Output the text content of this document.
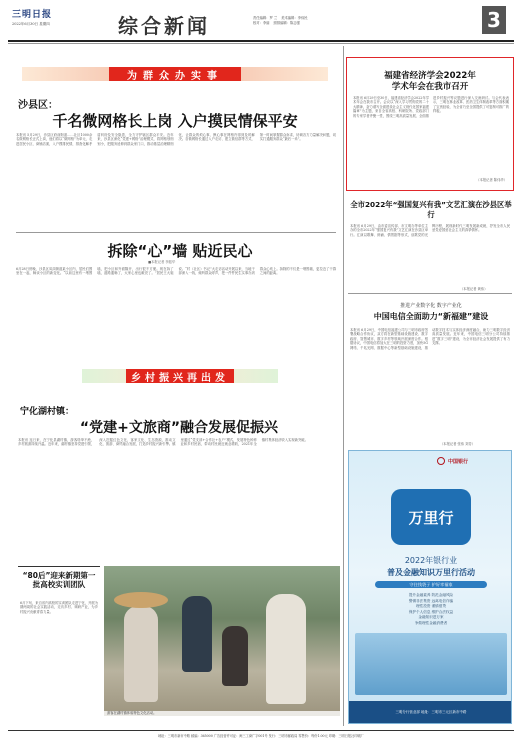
三明日报
2022年6月30日 星期四	综合新闻	责任编辑：罗 兰 美术编辑：李伟民
校对：李丽 照排编辑：陈志强	3
为群众办实事
沙县区：
千名微网格长上岗 入户摸民情保平安
本报讯 5月29日，沙县区府前街道……社区1000余名微网格长正式上岗，他们将以“微网格”为单元，走进居民小区、商铺店面，入户摸排民情，排查化解矛盾纠纷及安全隐患，全力守护辖区群众平安。近年来，沙县区深化“党建+网格”治理模式，将网格划细划小，把服务延伸到群众家门口，推动基层治理精细化，让群众的烦心事、揪心事在网格内得到及时解决。各微网格长通过入户走访、建立微信群等方式，第一时间掌握群众诉求，协调各方力量解决问题，切实打通服务群众“最后一米”。
拆除“心”墙 贴近民心
■本报记者 李振华
6月28日傍晚，沙县区凤岗街道某小区内，居民们围坐在一起，畅谈小区的新变化。“以前这里有一堵围墙，把小区和外面隔开，出行很不方便。现在拆了墙，道路通畅了，大家心里也敞亮了。”居民王大姐说。“村（社区）书记”大走访活动开展以来，当地干部深入一线，倾听群众呼声，把一件件民生实事办到群众心坎上。拆除的不仅是一堵围墙，更拉近了干群之间的距离。
乡村振兴再出发
宁化湖村镇：
“党建+文旅商”融合发展促振兴
本报讯 连日来，在宁化县湖村镇，游客络绎不绝，乡村旅游持续升温。近年来，湖村镇坚持党建引领，深入挖掘红色文化、客家文化、生态资源，推动文化、旅游、商贸融合发展，打造乡村振兴新引擎。镇里通过“党支部+合作社+农户”模式，发展特色种养业和乡村民宿，带动村民就近就业增收，2021年全镇村集体经济收入实现新突破。
“80后”迎来新期第一批高校实训团队
6月下旬，来自省内高校的实训团队走进宁化，开展为期两周的社会实践活动，走访乡村、调研产业，为乡村振兴贡献青春力量。
游客在湖村镇体验特色文化活动。
福建省经济学会2022年
学术年会在我市召开
本报讯 6月29日至30日，福建省经济学会2022年学术年会在我市召开。会议以“深入学习贯彻党的二十大精神，奋力谱写全面建设社会主义现代化国家福建篇章”为主题，来自全省高校、科研院所、党政部门的专家学者齐聚一堂，围绕三明高质量发展、全面推进乡村振兴等议题进行深入交流研讨。与会代表表示，三明在林业改革、医药卫生体制改革等方面积累了宝贵经验，为全省乃至全国提供了可复制可推广的样板。
（本报记者 陈伟华）
全市2022年“强国复兴有我”文艺汇演在沙县区举行
本报讯 6月29日，由市委宣传部、市文明办等单位主办的全市2022年“强国复兴有我”文艺汇演在沙县区举行。汇演以歌舞、朗诵、情景剧等形式，讴歌党的光辉历程，展现新时代三明发展新成就，抒发全市人民爱党爱国爱社会主义的真挚情怀。
（本报记者 黄伟）
推进产业数字化 数字产业化
中国电信全面助力“新福建”建设
本报讯 6月29日，中国电信福建公司与三明市政府签署战略合作协议，双方将在新型基础设施建设、数字政府、智慧城市、数字乡村等领域开展深度合作。根据协议，中国电信将加大在三明的投资力度，加快5G网络、千兆光网、数据中心等新型基础设施建设，推动数字技术与实体经济深度融合，助力三明数字经济高质量发展。近年来，中国电信三明分公司持续推进“数字三明”建设，为全市经济社会发展提供了有力支撑。
（本报记者 张伟 刘芳）
中国银行
万里行
2022年银行业
普及金融知识万里行活动
守住钱袋子 护好幸福家
提升金融素养 防范金融风险
警惕非法集资 远离电信诈骗
理性投资 谨慎借贷
保护个人信息 维护合法权益
金融知识进万家
争做理性金融消费者
三明分行营业部 地址：三明市三元区新市中路
地址：三明市新市中路 邮编：365000 广告经营许可证：闽三工商广字001号 发行：三明市邮政局 零售价：每份1.00元 印刷：三明日报社印刷厂
